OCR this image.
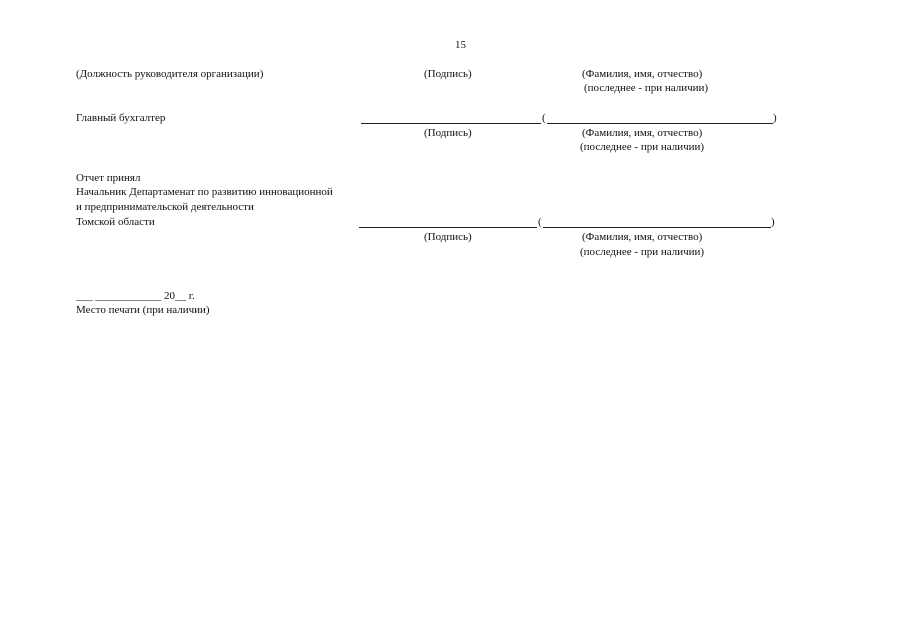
15
(Должность руководителя организации)	(Подпись)	(Фамилия, имя, отчество)
(последнее - при наличии)
Главный бухгалтер	(	)
(Подпись)	(Фамилия, имя, отчество)
(последнее - при наличии)
Отчет принял
Начальник Департаменат по развитию инновационной
и предпринимательской деятельности
Томской области	(	)
(Подпись)	(Фамилия, имя, отчество)
(последнее - при наличии)
___ ____________ 20__ г.
Место печати (при наличии)
